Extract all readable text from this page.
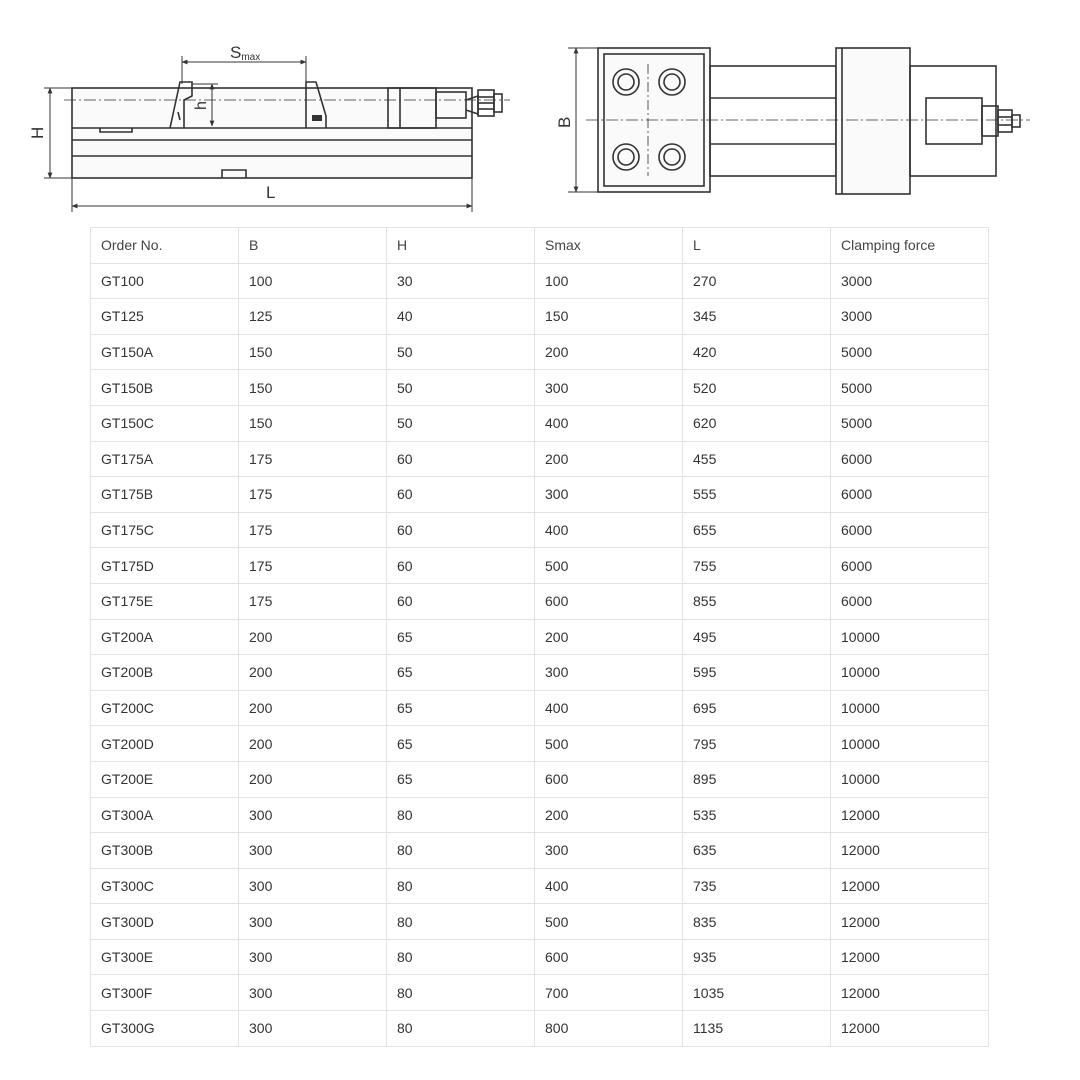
Smax
h
H
L
B
Order No.	B	H	Smax	L	Clamping force
GT100	100	30	100	270	3000
GT125	125	40	150	345	3000
GT150A	150	50	200	420	5000
GT150B	150	50	300	520	5000
GT150C	150	50	400	620	5000
GT175A	175	60	200	455	6000
GT175B	175	60	300	555	6000
GT175C	175	60	400	655	6000
GT175D	175	60	500	755	6000
GT175E	175	60	600	855	6000
GT200A	200	65	200	495	10000
GT200B	200	65	300	595	10000
GT200C	200	65	400	695	10000
GT200D	200	65	500	795	10000
GT200E	200	65	600	895	10000
GT300A	300	80	200	535	12000
GT300B	300	80	300	635	12000
GT300C	300	80	400	735	12000
GT300D	300	80	500	835	12000
GT300E	300	80	600	935	12000
GT300F	300	80	700	1035	12000
GT300G	300	80	800	1135	12000
